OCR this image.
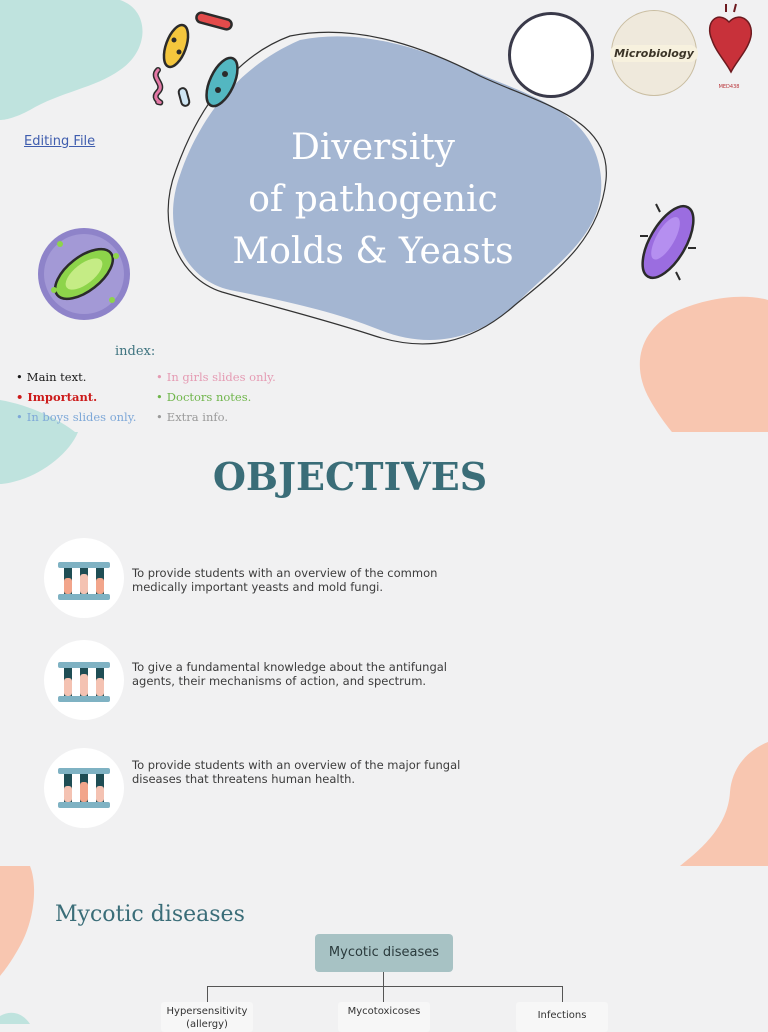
Editing File	Diversity
of pathogenic
Molds & Yeasts
Microbiology
MED438
index:
• Main text.
• Important.
• In boys slides only.
• In girls slides only.
• Doctors notes.
• Extra info.
OBJECTIVES
To provide students with an overview of the common medically important yeasts and mold fungi.
To give a fundamental knowledge about the antifungal agents, their mechanisms of action, and spectrum.
To provide students with an overview of the major fungal diseases that threatens human health.
Mycotic diseases
Mycotic diseases
Hypersensitivity (allergy)
Mycotoxicoses	Infections
